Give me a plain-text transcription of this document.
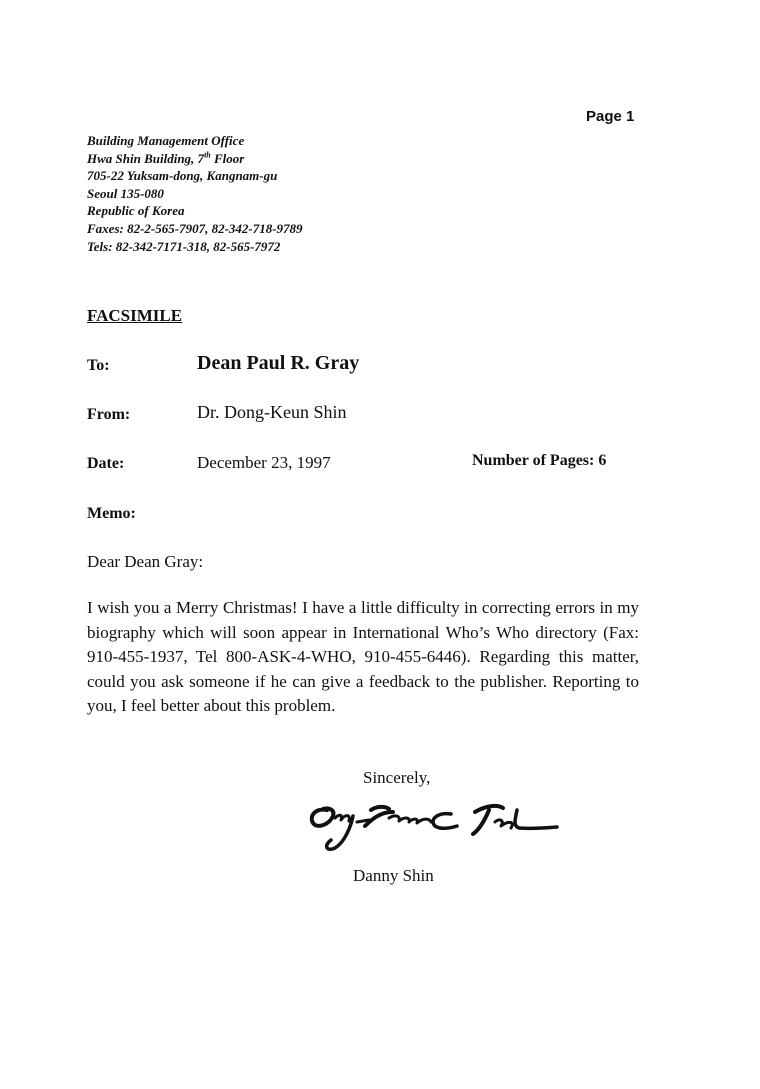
Page 1
Building Management Office
Hwa Shin Building, 7th Floor
705-22 Yuksam-dong, Kangnam-gu
Seoul 135-080
Republic of Korea
Faxes: 82-2-565-7907, 82-342-718-9789
Tels: 82-342-7171-318, 82-565-7972
FACSIMILE
To:	Dean Paul R. Gray
From:	Dr. Dong-Keun Shin
Date:	December 23, 1997	Number of Pages: 6
Memo:
Dear Dean Gray:
I wish you a Merry Christmas! I have a little difficulty in correcting errors in my biography which will soon appear in International Who’s Who directory (Fax: 910-455-1937, Tel 800-ASK-4-WHO, 910-455-6446). Regarding this matter, could you ask someone if he can give a feedback to the publisher. Reporting to you, I feel better about this problem.
Sincerely,
Dong-Keun Shin
Danny Shin
